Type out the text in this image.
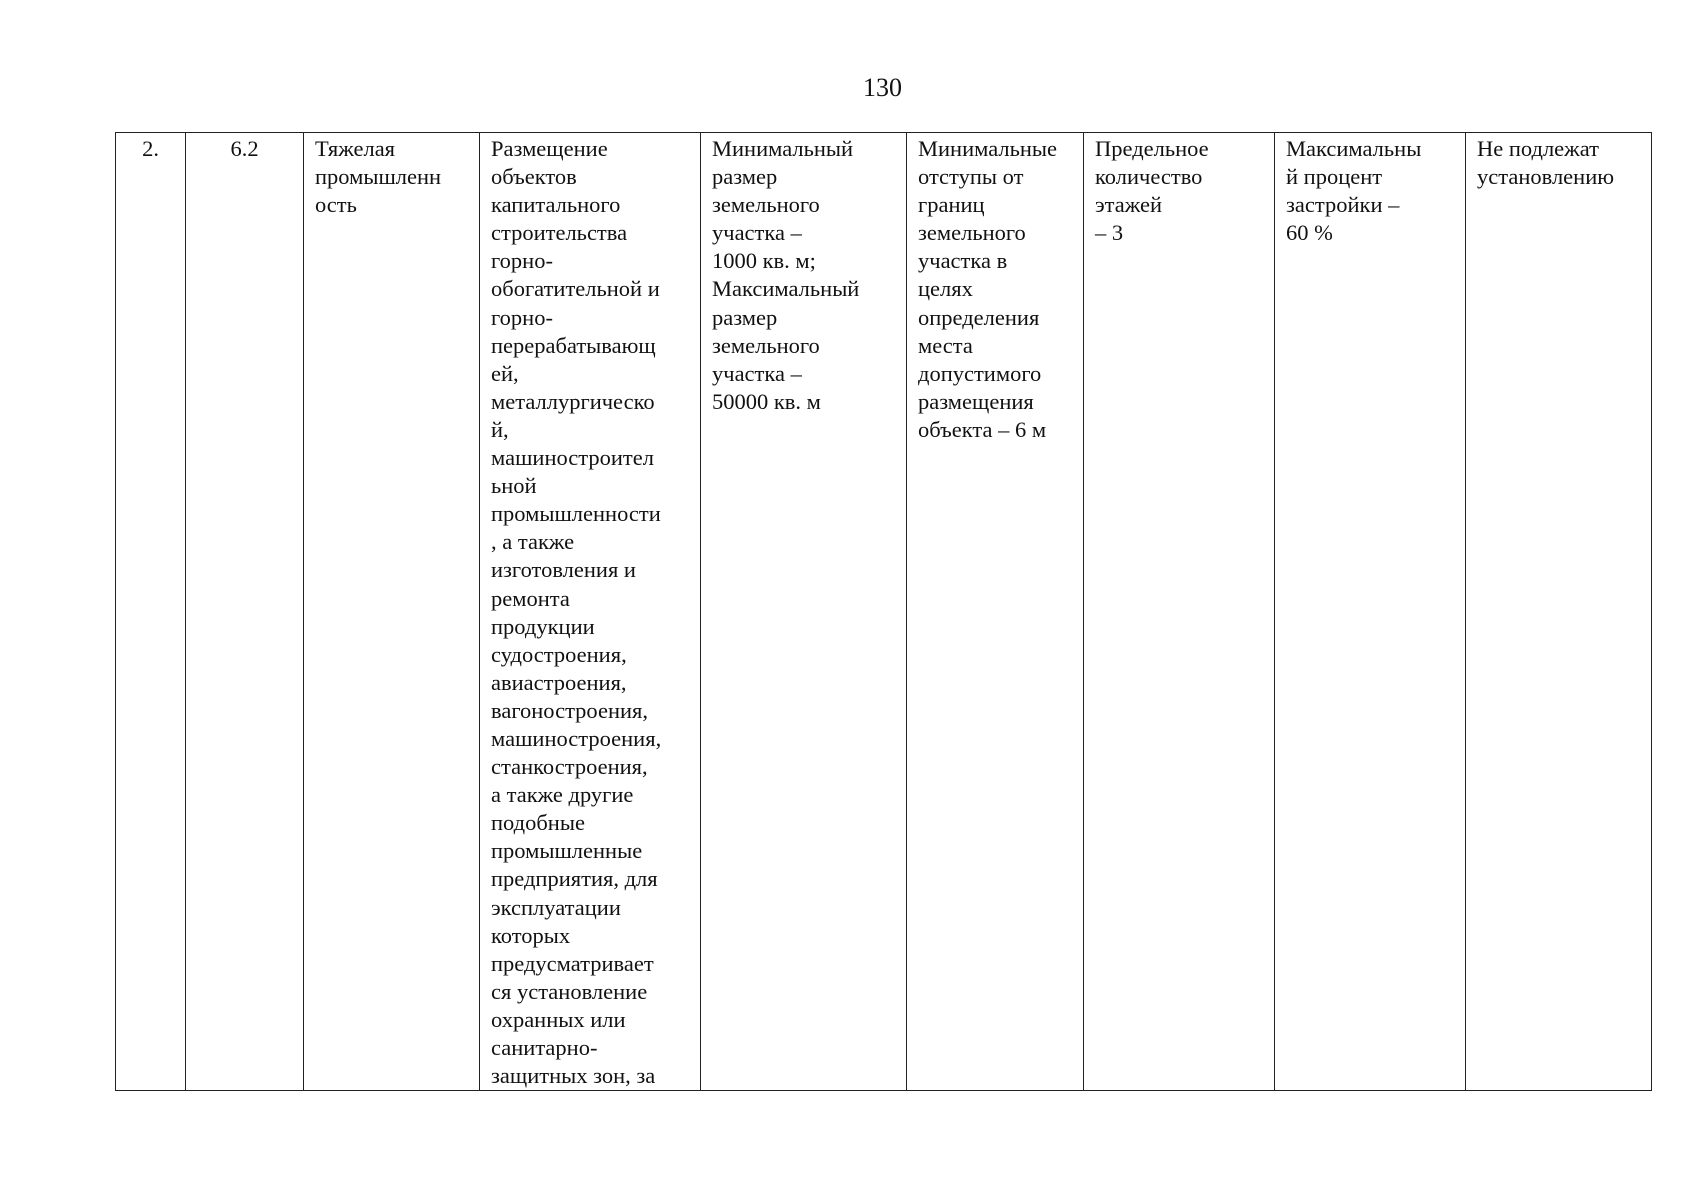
130
2.	6.2	Тяжелая
промышленн
ость	Размещение
объектов
капитального
строительства
горно-
обогатительной и
горно-
перерабатывающ
ей,
металлургическо
й,
машиностроител
ьной
промышленности
, а также
изготовления и
ремонта
продукции
судостроения,
авиастроения,
вагоностроения,
машиностроения,
станкостроения,
а также другие
подобные
промышленные
предприятия, для
эксплуатации
которых
предусматривает
ся установление
охранных или
санитарно-
защитных зон, за	Минимальный
размер
земельного
участка –
1000 кв. м;
Максимальный
размер
земельного
участка –
50000 кв. м	Минимальные
отступы от
границ
земельного
участка в
целях
определения
места
допустимого
размещения
объекта – 6 м	Предельное
количество
этажей
– 3	Максимальны
й процент
застройки –
60 %	Не подлежат
установлению
